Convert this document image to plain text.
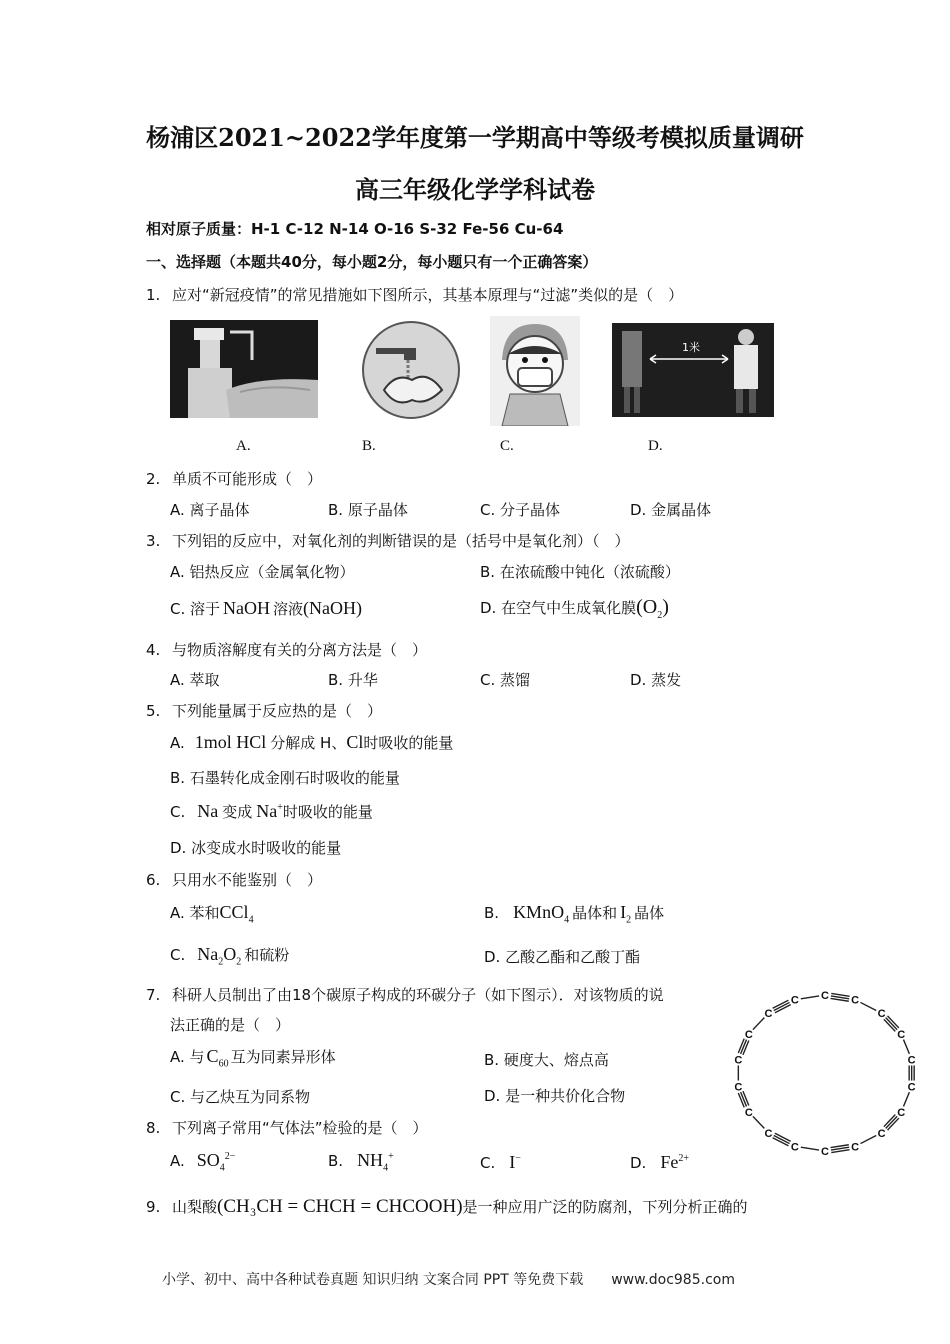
杨浦区2021~2022学年度第一学期高中等级考模拟质量调研
高三年级化学学科试卷
相对原子质量：H-1 C-12 N-14 O-16 S-32 Fe-56 Cu-64
一、选择题（本题共40分，每小题2分，每小题只有一个正确答案）
1. 应对“新冠疫情”的常见措施如下图所示，其基本原理与“过滤”类似的是（　）
1米
A.	B.	C.	D.
2. 单质不可能形成（　）
A. 离子晶体	B. 原子晶体	C. 分子晶体	D. 金属晶体
3. 下列铝的反应中，对氧化剂的判断错误的是（括号中是氧化剂）（　）
A. 铝热反应（金属氧化物）	B. 在浓硫酸中钝化（浓硫酸）
C. 溶于 NaOH 溶液(NaOH)	D. 在空气中生成氧化膜$(O_2)$
4. 与物质溶解度有关的分离方法是（　）
A. 萃取	B. 升华	C. 蒸馏	D. 蒸发
5. 下列能量属于反应热的是（　）
A. 1mol HCl 分解成 H、Cl时吸收的能量
B. 石墨转化成金刚石时吸收的能量
C. Na 变成 Na+时吸收的能量
D. 冰变成水时吸收的能量
6. 只用水不能鉴别（　）
A. 苯和CCl$_4$	B. KMnO$_4$ 晶体和 $I_2$ 晶体
C. $Na_2O_2$ 和硫粉	D. 乙酸乙酯和乙酸丁酯
7. 科研人员制出了由18个碳原子构成的环碳分子（如下图示）．对该物质的说
法正确的是（　）
A. 与 $C_{60}$ 互为同素异形体	B. 硬度大、熔点高
C. 与乙炔互为同系物	D. 是一种共价化合物
C C
C
C
C
C
C
C
C
C
C
C
C
C
C
C
C
C
8. 下列离子常用“气体法”检验的是（　）
A. $SO_4^{2-}$	B. $NH_4^+$	C. I−	D. $Fe^{2+}$
9. 山梨酸(CH₃CH = CHCH = CHCOOH)是一种应用广泛的防腐剂，下列分析正确的
小学、初中、高中各种试卷真题 知识归纳 文案合同 PPT 等免费下载　　www.doc985.com
